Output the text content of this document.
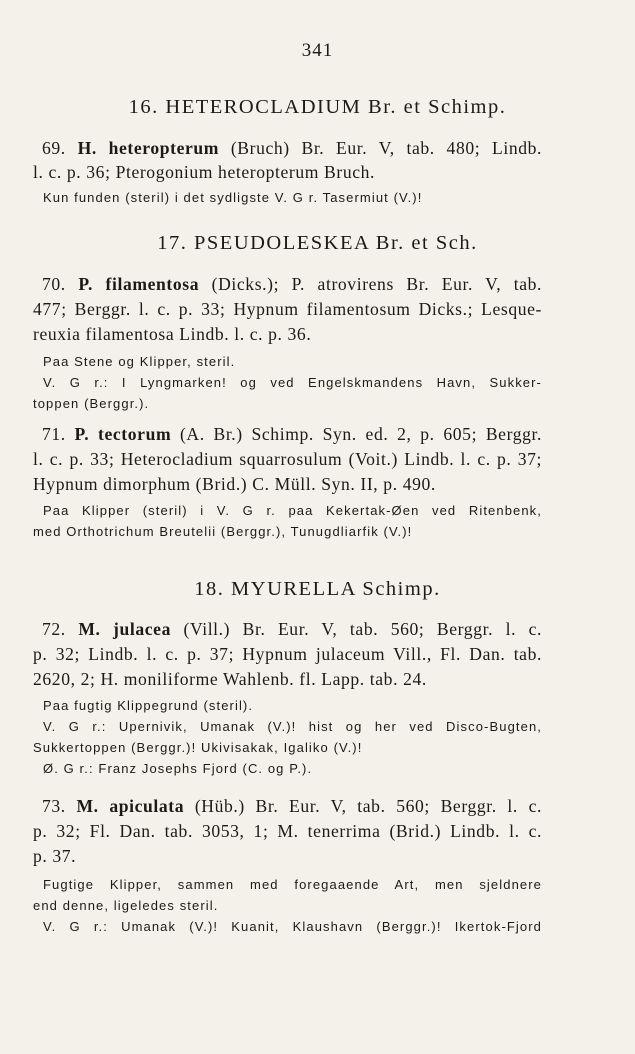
341
16. HETEROCLADIUM Br. et Schimp.
69. H. heteropterum (Bruch) Br. Eur. V, tab. 480; Lindb.
l. c. p. 36; Pterogonium heteropterum Bruch.
Kun funden (steril) i det sydligste V. G r. Tasermiut (V.)!
17. PSEUDOLESKEA Br. et Sch.
70. P. filamentosa (Dicks.); P. atrovirens Br. Eur. V, tab.
477; Berggr. l. c. p. 33; Hypnum filamentosum Dicks.; Lesque-
reuxia filamentosa Lindb. l. c. p. 36.
Paa Stene og Klipper, steril.
V. G r.: I Lyngmarken! og ved Engelskmandens Havn, Sukker-
toppen (Berggr.).
71. P. tectorum (A. Br.) Schimp. Syn. ed. 2, p. 605; Berggr.
l. c. p. 33; Heterocladium squarrosulum (Voit.) Lindb. l. c. p. 37;
Hypnum dimorphum (Brid.) C. Müll. Syn. II, p. 490.
Paa Klipper (steril) i V. G r. paa Kekertak-Øen ved Ritenbenk,
med Orthotrichum Breutelii (Berggr.), Tunugdliarfik (V.)!
18. MYURELLA Schimp.
72. M. julacea (Vill.) Br. Eur. V, tab. 560; Berggr. l. c.
p. 32; Lindb. l. c. p. 37; Hypnum julaceum Vill., Fl. Dan. tab.
2620, 2; H. moniliforme Wahlenb. fl. Lapp. tab. 24.
Paa fugtig Klippegrund (steril).
V. G r.: Upernivik, Umanak (V.)! hist og her ved Disco-Bugten,
Sukkertoppen (Berggr.)! Ukivisakak, Igaliko (V.)!
Ø. G r.: Franz Josephs Fjord (C. og P.).
73. M. apiculata (Hüb.) Br. Eur. V, tab. 560; Berggr. l. c.
p. 32; Fl. Dan. tab. 3053, 1; M. tenerrima (Brid.) Lindb. l. c.
p. 37.
Fugtige Klipper, sammen med foregaaende Art, men sjeldnere
end denne, ligeledes steril.
V. G r.: Umanak (V.)! Kuanit, Klaushavn (Berggr.)! Ikertok-Fjord
